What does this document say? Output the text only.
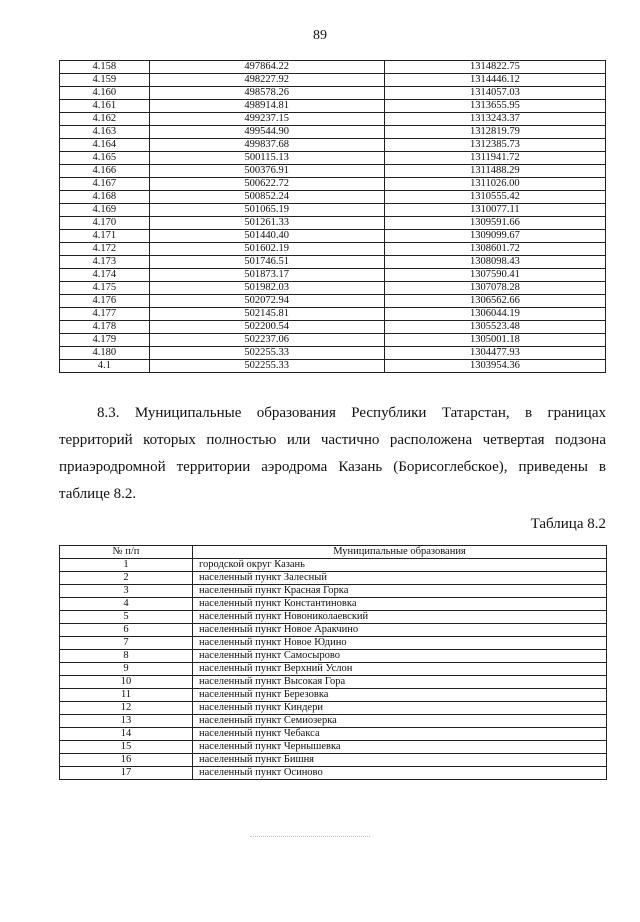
89
4.158	497864.22	1314822.75
4.159	498227.92	1314446.12
4.160	498578.26	1314057.03
4.161	498914.81	1313655.95
4.162	499237.15	1313243.37
4.163	499544.90	1312819.79
4.164	499837.68	1312385.73
4.165	500115.13	1311941.72
4.166	500376.91	1311488.29
4.167	500622.72	1311026.00
4.168	500852.24	1310555.42
4.169	501065.19	1310077.11
4.170	501261.33	1309591.66
4.171	501440.40	1309099.67
4.172	501602.19	1308601.72
4.173	501746.51	1308098.43
4.174	501873.17	1307590.41
4.175	501982.03	1307078.28
4.176	502072.94	1306562.66
4.177	502145.81	1306044.19
4.178	502200.54	1305523.48
4.179	502237.06	1305001.18
4.180	502255.33	1304477.93
4.1	502255.33	1303954.36
8.3. Муниципальные образования Республики Татарстан, в границах территорий которых полностью или частично расположена четвертая подзона приаэродромной территории аэродрома Казань (Борисоглебское), приведены в таблице 8.2.
Таблица 8.2
№ п/п	Муниципальные образования
1	городской округ Казань
2	населенный пункт Залесный
3	населенный пункт Красная Горка
4	населенный пункт Константиновка
5	населенный пункт Новониколаевский
6	населенный пункт Новое Аракчино
7	населенный пункт Новое Юдино
8	населенный пункт Самосырово
9	населенный пункт Верхний Услон
10	населенный пункт Высокая Гора
11	населенный пункт Березовка
12	населенный пункт Киндери
13	населенный пункт Семиозерка
14	населенный пункт Чебакса
15	населенный пункт Чернышевка
16	населенный пункт Бишня
17	населенный пункт Осиново
